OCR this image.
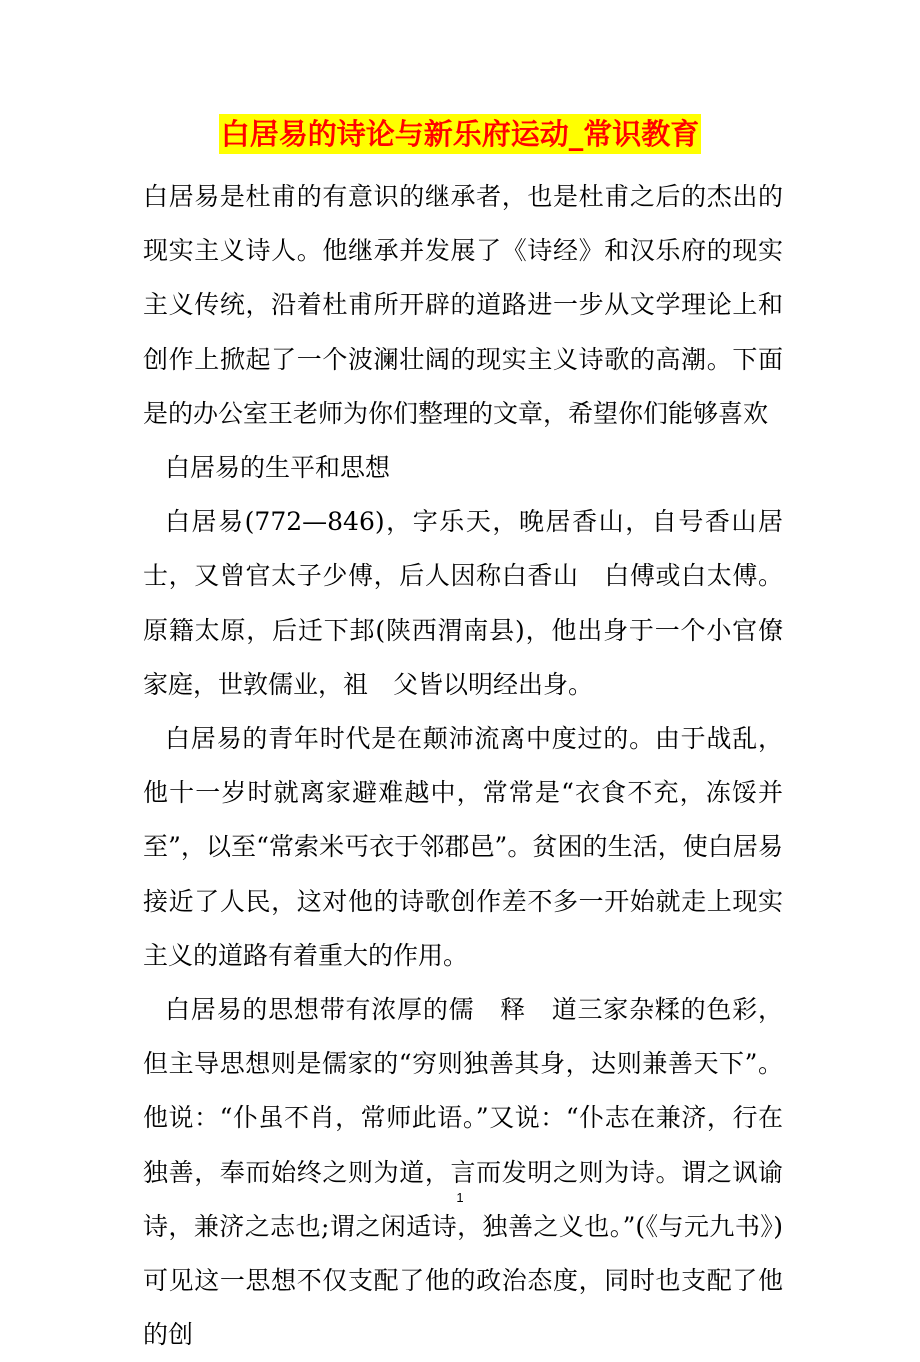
白居易的诗论与新乐府运动_常识教育

白居易是杜甫的有意识的继承者，也是杜甫之后的杰出的现实主义诗人。他继承并发展了《诗经》和汉乐府的现实主义传统，沿着杜甫所开辟的道路进一步从文学理论上和创作上掀起了一个波澜壮阔的现实主义诗歌的高潮。下面是的办公室王老师为你们整理的文章，希望你们能够喜欢

白居易的生平和思想

白居易(772—846)，字乐天，晚居香山，自号香山居士，又曾官太子少傅，后人因称白香山　白傅或白太傅。原籍太原，后迁下邽(陕西渭南县)，他出身于一个小官僚家庭，世敦儒业，祖　父皆以明经出身。

白居易的青年时代是在颠沛流离中度过的。由于战乱，他十一岁时就离家避难越中，常常是“衣食不充，冻馁并至”，以至“常索米丐衣于邻郡邑”。贫困的生活，使白居易接近了人民，这对他的诗歌创作差不多一开始就走上现实主义的道路有着重大的作用。

白居易的思想带有浓厚的儒　释　道三家杂糅的色彩，但主导思想则是儒家的“穷则独善其身，达则兼善天下”。他说：“仆虽不肖，常师此语。”又说：“仆志在兼济，行在独善，奉而始终之则为道，言而发明之则为诗。谓之讽谕诗，兼济之志也;谓之闲适诗，独善之义也。”(《与元九书》)可见这一思想不仅支配了他的政治态度，同时也支配了他的创

1
